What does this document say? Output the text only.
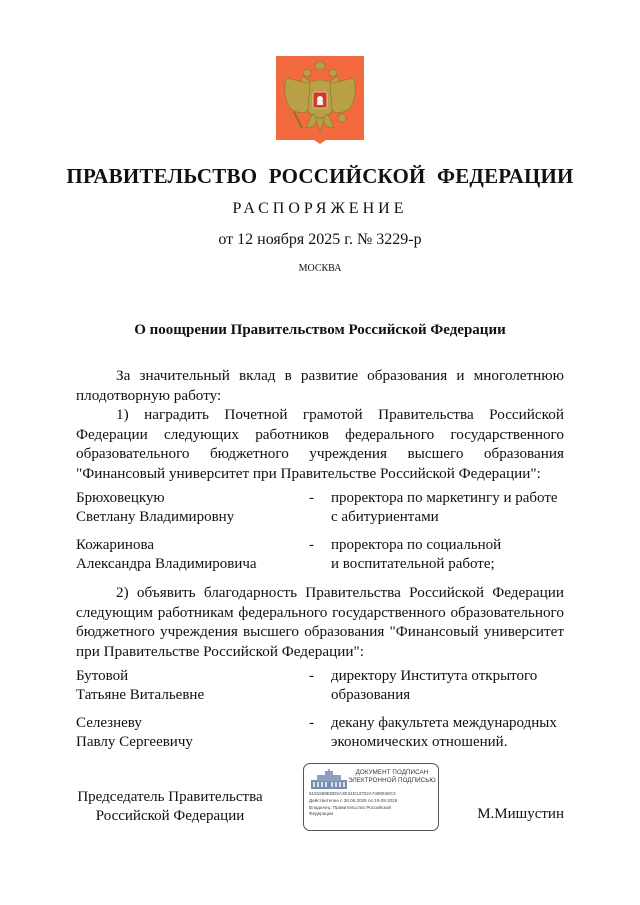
ПРАВИТЕЛЬСТВО РОССИЙСКОЙ ФЕДЕРАЦИИ
РАСПОРЯЖЕНИЕ
от 12 ноября 2025 г. № 3229-р
МОСКВА
О поощрении Правительством Российской Федерации
За значительный вклад в развитие образования и многолетнюю плодотворную работу:
1) наградить Почетной грамотой Правительства Российской Федерации следующих работников федерального государственного образовательного бюджетного учреждения высшего образования "Финансовый университет при Правительстве Российской Федерации":
Брюховецкую
Светлану Владимировну
- проректора по маркетингу и работе
с абитуриентами
Кожаринова
Александра Владимировича
- проректора по социальной
и воспитательной работе;
2) объявить благодарность Правительства Российской Федерации следующим работникам федерального государственного образовательного бюджетного учреждения высшего образования "Финансовый университет при Правительстве Российской Федерации":
Бутовой
Татьяне Витальевне
- директору Института открытого
образования
Селезневу
Павлу Сергеевичу
- декану факультета международных
экономических отношений.
Председатель Правительства
Российской Федерации
ДОКУМЕНТ ПОДПИСАН
ЭЛЕКТРОННОЙ ПОДПИСЬЮ
5181588EBD5A3E34D13702A7490948C3
Действителен с 26.06.2025 по 19.09.2026
Владелец: Правительство Российской
Федерации	М.Мишустин
